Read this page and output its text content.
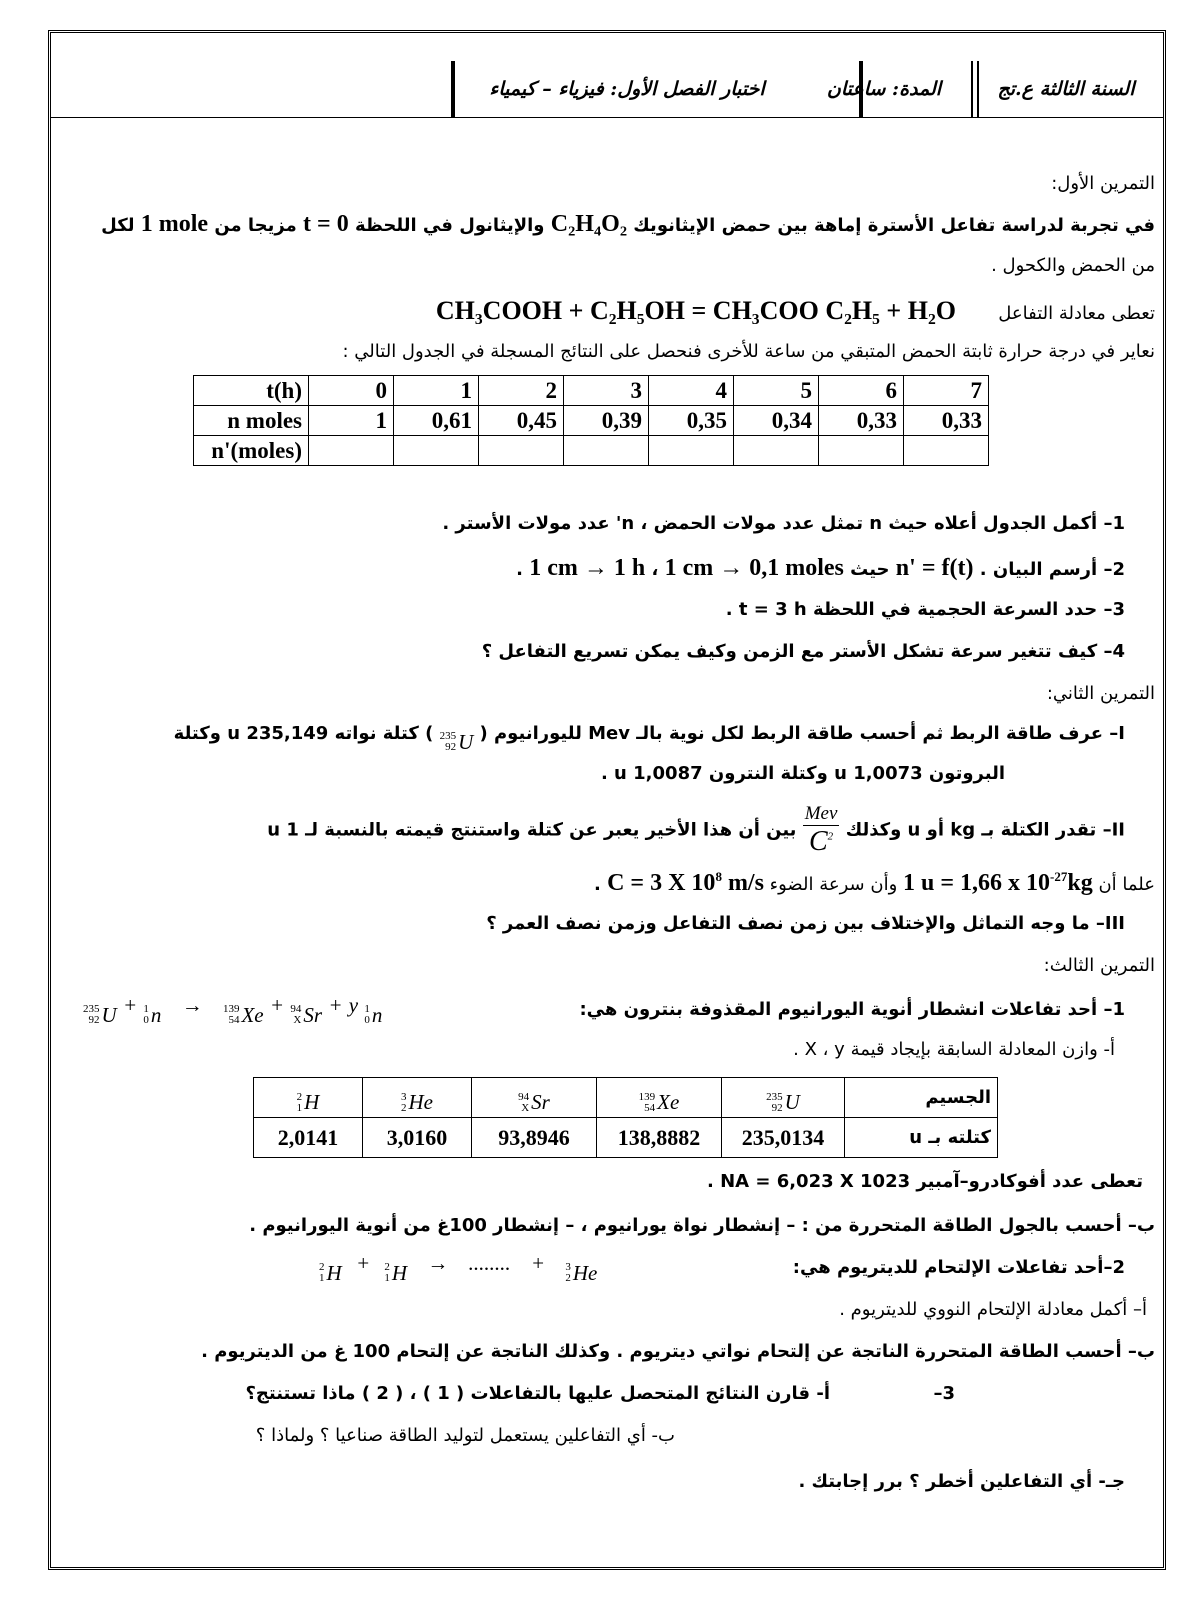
السنة الثالثة ع.تج
المدة: ساعتان
اختبار الفصل الأول: فيزياء – كيمياء
التمرين الأول:
في تجربة لدراسة تفاعل الأسترة إماهة بين حمض الإيثانويك C₂H₄O₂ والإيثانول في اللحظة t = 0 مزيجا من 1 mole لكل
من الحمض والكحول .
تعطى معادلة التفاعل CH₃COOH + C₂H₅OH = CH₃COO C₂H₅ + H₂O
نعاير في درجة حرارة ثابتة الحمض المتبقي من ساعة للأخرى فنحصل على النتائج المسجلة في الجدول التالي :
t(h)	0	1	2	3	4	5	6	7
n moles	1	0,61	0,45	0,39	0,35	0,34	0,33	0,33
n'(moles)								
1– أكمل الجدول أعلاه حيث n تمثل عدد مولات الحمض ، n' عدد مولات الأستر .
2– أرسم البيان . n' = f(t) حيث 1 cm → 1 h ، 1 cm → 0,1 moles .
3– حدد السرعة الحجمية في اللحظة t = 3 h .
4– كيف تتغير سرعة تشكل الأستر مع الزمن وكيف يمكن تسريع التفاعل ؟
التمرين الثاني:
I– عرف طاقة الربط ثم أحسب طاقة الربط لكل نوية بالـ Mev لليورانيوم (
235
92 U
) كتلة نواته 235,149 u وكتلة
البروتون 1,0073 u وكتلة النترون 1,0087 u .
II– تقدر الكتلة بـ kg أو u وكذلك
$\frac{\text{Mev}}{C^2}$
بين أن هذا الأخير يعبر عن كتلة واستنتج قيمته بالنسبة لـ 1 u
علما أن 1 u = 1,66 x $10^{-27}kg$ وأن سرعة الضوء C = 3 X $10^8$ m/s .
III– ما وجه التماثل والإختلاف بين زمن نصف التفاعل وزمن نصف العمر ؟
التمرين الثالث:
1– أحد تفاعلات انشطار أنوية اليورانيوم المقذوفة بنترون هي:
235
92 U + 1
0 n → 139
54 Xe + 94
X Sr + y 1
0 n
أ- وازن المعادلة السابقة بإيجاد قيمة X ، y .
2
1 H	3
2 He	94
X Sr	139
54 Xe	235
92 U	الجسيم
2,0141	3,0160	93,8946	138,8882	235,0134	كتلته بـ u
تعطى عدد أفوكادرو–آمبير NA = 6,023 X 1023 .
ب– أحسب بالجول الطاقة المتحررة من : – إنشطار نواة يورانيوم ، – إنشطار 100غ من أنوية اليورانيوم .
2–أحد تفاعلات الإلتحام للديتريوم هي:
2
1 H + 2
1 H → ........ + 3
2 He
أ– أكمل معادلة الإلتحام النووي للديتريوم .
ب– أحسب الطاقة المتحررة الناتجة عن إلتحام نواتي ديتريوم . وكذلك الناتجة عن إلتحام 100 غ من الديتريوم .
3–
أ- قارن النتائج المتحصل عليها بالتفاعلات ( 1 ) ، ( 2 ) ماذا تستنتج؟
ب- أي التفاعلين يستعمل لتوليد الطاقة صناعيا ؟ ولماذا ؟
جـ- أي التفاعلين أخطر ؟ برر إجابتك .
